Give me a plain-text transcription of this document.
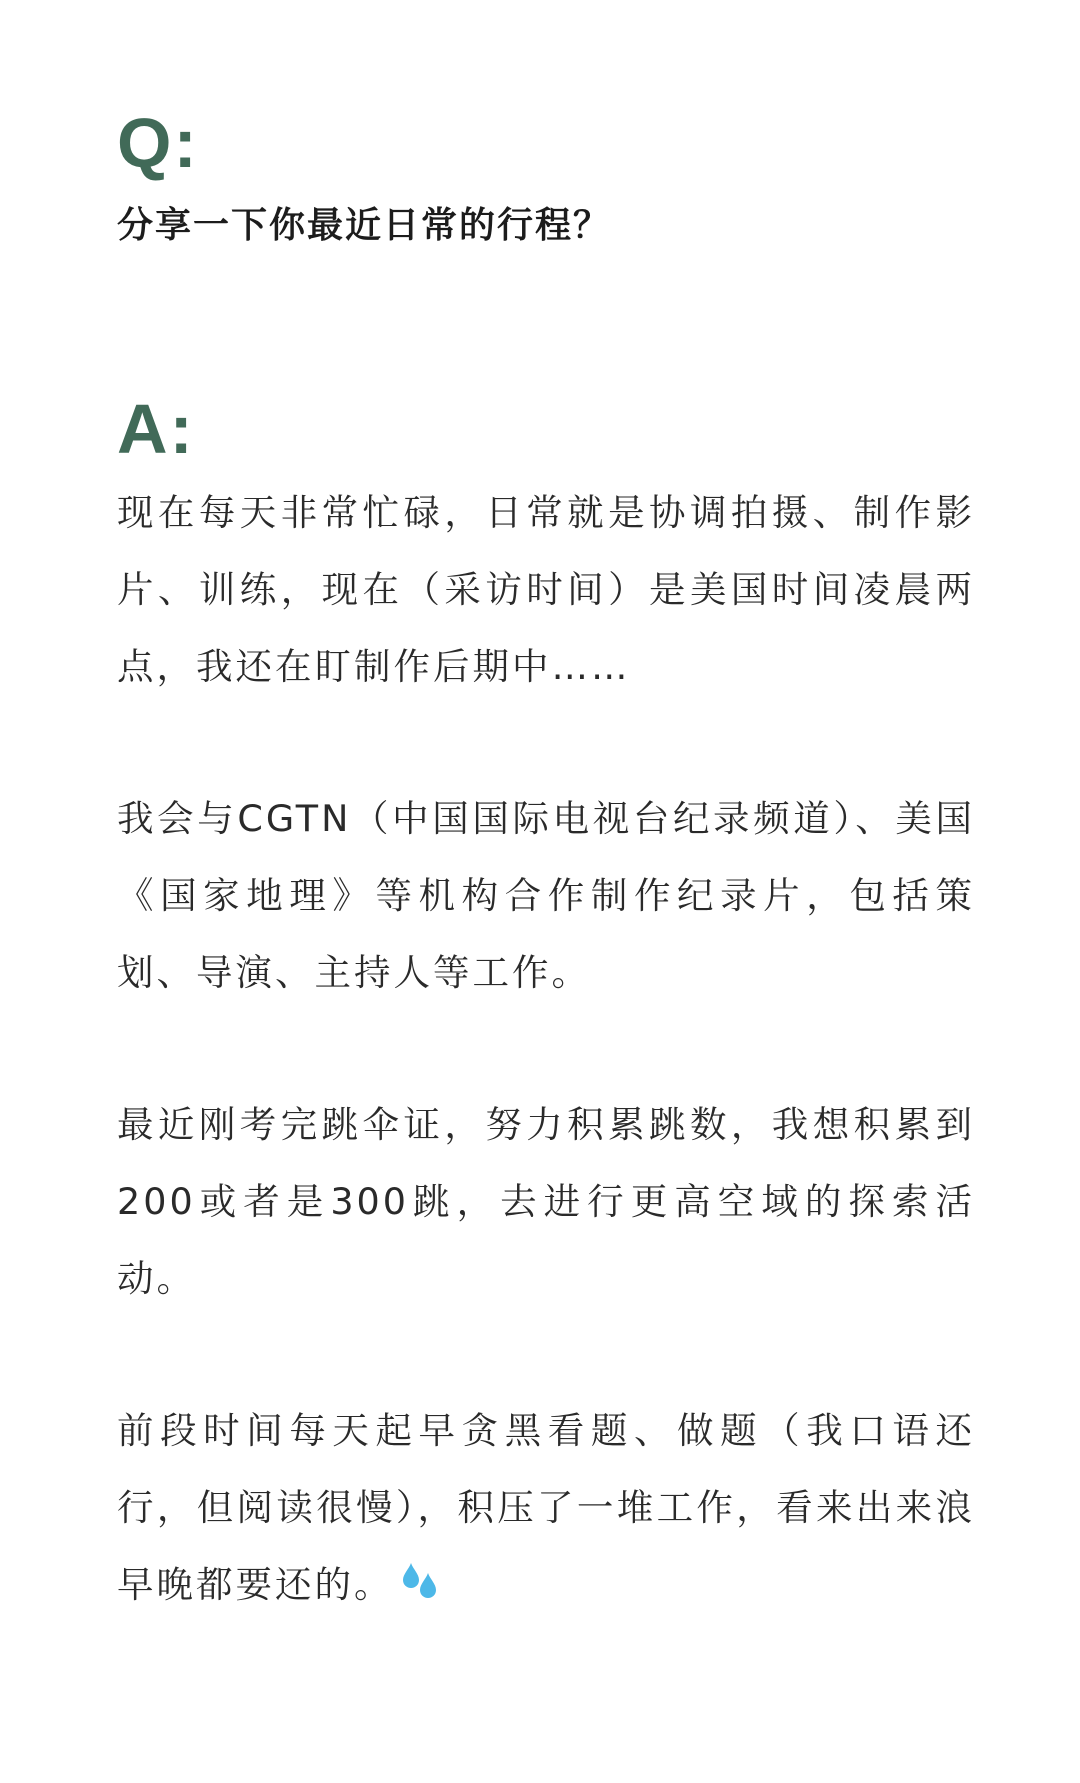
Q:
分享一下你最近日常的行程？
A:

现在每天非常忙碌，日常就是协调拍摄、制作影片、训练，现在（采访时间）是美国时间凌晨两点，我还在盯制作后期中……

我会与CGTN（中国国际电视台纪录频道）、美国《国家地理》等机构合作制作纪录片，包括策划、导演、主持人等工作。

最近刚考完跳伞证，努力积累跳数，我想积累到200或者是300跳，去进行更高空域的探索活动。

前段时间每天起早贪黑看题、做题（我口语还行，但阅读很慢），积压了一堆工作，看来出来浪早晚都要还的。
